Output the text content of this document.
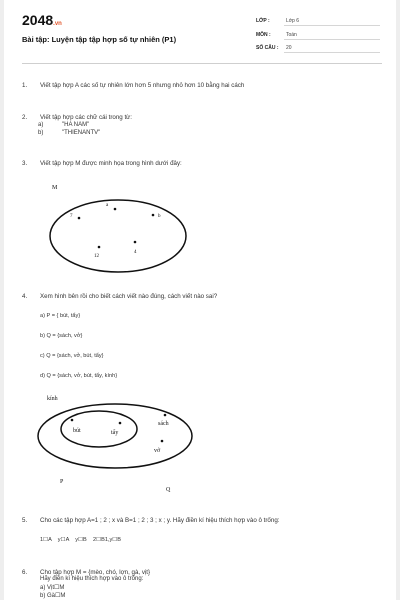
2048.vn
Bài tập: Luyện tập tập hợp số tự nhiên (P1)
LỚP :	Lớp 6
MÔN :	Toán
SỐ CÂU : 20
1. Viết tập hợp A các số tự nhiên lớn hơn 5 nhưng nhỏ hơn 10 bằng hai cách
2. Viết tập hợp các chữ cái trong từ:
a)	"HA NAM"
b)	"THIENANTV"
3. Viết tập hợp M được minh họa trong hình dưới đây:
M
7
a
b
12
4
kính
bút	tẩy
sách
vở
P
Q
4. Xem hình bên rồi cho biết cách viết nào đúng, cách viết nào sai?
a) P = { bút, tẩy}
b) Q = {sách, vở}
c) Q = {sách, vở, bút, tẩy}
d) Q = {sách, vở, bút, tẩy, kính}
5. Cho các tập hợp A=1 ; 2 ; x và B=1 ; 2 ; 3 ; x ; y. Hãy điền kí hiệu thích hợp vào ô trống:
1☐A    y☐A    y☐B    2☐B1,y☐B
6. Cho tập hợp M = {mèo, chó, lợn, gà, vịt}
Hãy điền kí hiệu thích hợp vào ô trống:
a) Vịt☐M
b) Gà☐M
